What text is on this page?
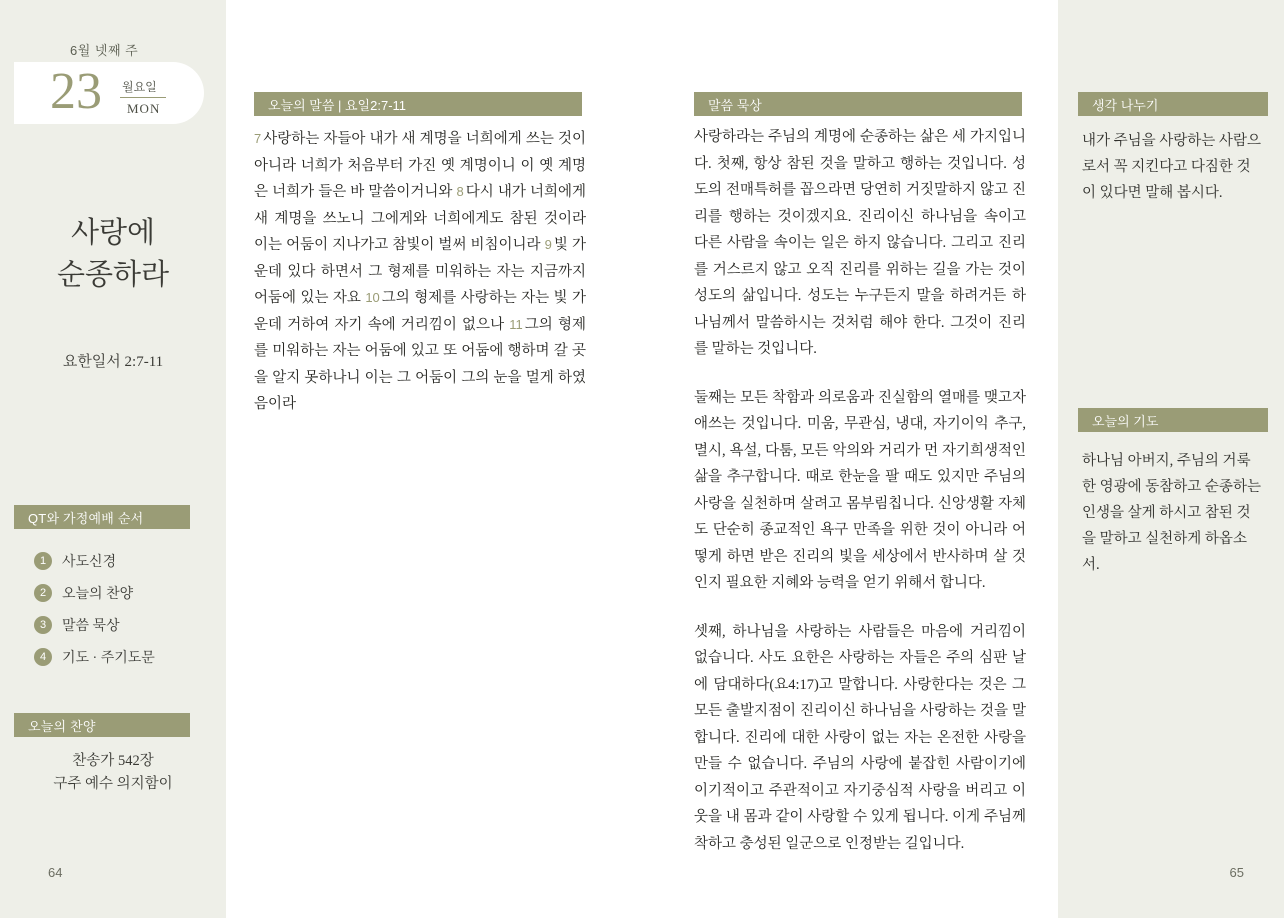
6월 넷째 주
23 월요일
MON
사랑에
순종하라
요한일서 2:7-11
QT와 가정예배 순서
1	사도신경
2	오늘의 찬양
3	말씀 묵상
4	기도 · 주기도문
오늘의 찬양
찬송가 542장
구주 예수 의지함이
64
오늘의 말씀 | 요일2:7-11
7 사랑하는 자들아 내가 새 계명을 너희에게 쓰는 것이 아니라 너희가 처음부터 가진 옛 계명이니 이 옛 계명은 너희가 들은 바 말씀이거니와 8 다시 내가 너희에게 새 계명을 쓰노니 그에게와 너희에게도 참된 것이라 이는 어둠이 지나가고 참빛이 벌써 비침이니라 9 빛 가운데 있다 하면서 그 형제를 미워하는 자는 지금까지 어둠에 있는 자요 10 그의 형제를 사랑하는 자는 빛 가운데 거하여 자기 속에 거리낌이 없으나 11 그의 형제를 미워하는 자는 어둠에 있고 또 어둠에 행하며 갈 곳을 알지 못하나니 이는 그 어둠이 그의 눈을 멀게 하였음이라
말씀 묵상

사랑하라는 주님의 계명에 순종하는 삶은 세 가지입니다. 첫째, 항상 참된 것을 말하고 행하는 것입니다. 성도의 전매특허를 꼽으라면 당연히 거짓말하지 않고 진리를 행하는 것이겠지요. 진리이신 하나님을 속이고 다른 사람을 속이는 일은 하지 않습니다. 그리고 진리를 거스르지 않고 오직 진리를 위하는 길을 가는 것이 성도의 삶입니다. 성도는 누구든지 말을 하려거든 하나님께서 말씀하시는 것처럼 해야 한다. 그것이 진리를 말하는 것입니다.

둘째는 모든 착함과 의로움과 진실함의 열매를 맺고자 애쓰는 것입니다. 미움, 무관심, 냉대, 자기이익 추구, 멸시, 욕설, 다툼, 모든 악의와 거리가 먼 자기희생적인 삶을 추구합니다. 때로 한눈을 팔 때도 있지만 주님의 사랑을 실천하며 살려고 몸부림칩니다. 신앙생활 자체도 단순히 종교적인 욕구 만족을 위한 것이 아니라 어떻게 하면 받은 진리의 빛을 세상에서 반사하며 살 것인지 필요한 지혜와 능력을 얻기 위해서 합니다.

셋째, 하나님을 사랑하는 사람들은 마음에 거리낌이 없습니다. 사도 요한은 사랑하는 자들은 주의 심판 날에 담대하다(요4:17)고 말합니다. 사랑한다는 것은 그 모든 출발지점이 진리이신 하나님을 사랑하는 것을 말합니다. 진리에 대한 사랑이 없는 자는 온전한 사랑을 만들 수 없습니다. 주님의 사랑에 붙잡힌 사람이기에 이기적이고 주관적이고 자기중심적 사랑을 버리고 이웃을 내 몸과 같이 사랑할 수 있게 됩니다. 이게 주님께 착하고 충성된 일군으로 인정받는 길입니다.

생각 나누기
내가 주님을 사랑하는 사람으로서 꼭 지킨다고 다짐한 것이 있다면 말해 봅시다.
오늘의 기도
하나님 아버지, 주님의 거룩한 영광에 동참하고 순종하는 인생을 살게 하시고 참된 것을 말하고 실천하게 하옵소서.
65
